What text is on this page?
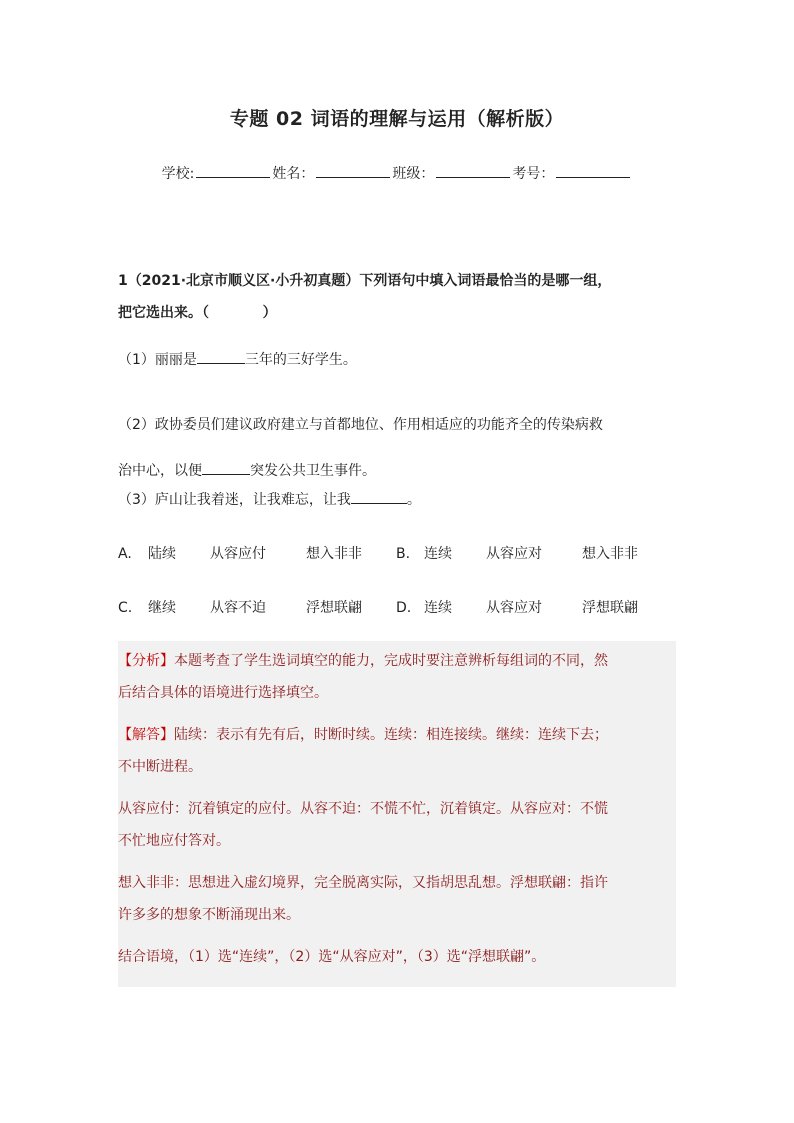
专题 02 词语的理解与运用（解析版）
学校:	姓名：	班级：	考号：
1（2021·北京市顺义区·小升初真题）下列语句中填入词语最恰当的是哪一组，
把它选出来。（           ）
（1）丽丽是	三年的三好学生。
（2）政协委员们建议政府建立与首都地位、作用相适应的功能齐全的传染病救
治中心，以便	突发公共卫生事件。
（3）庐山让我着迷，让我难忘，让我	。
A. 陆续 从容应付	想入非非 B. 连续 从容应对	想入非非
C. 继续 从容不迫	浮想联翩 D. 连续 从容应对	浮想联翩
【分析】本题考查了学生选词填空的能力，完成时要注意辨析每组词的不同，然
后结合具体的语境进行选择填空。
【解答】陆续：表示有先有后，时断时续。连续：相连接续。继续：连续下去；
不中断进程。
从容应付：沉着镇定的应付。从容不迫：不慌不忙，沉着镇定。从容应对：不慌
不忙地应付答对。
想入非非：思想进入虚幻境界，完全脱离实际，又指胡思乱想。浮想联翩：指许
许多多的想象不断涌现出来。
结合语境，（1）选“连续”，（2）选“从容应对”，（3）选“浮想联翩”。
